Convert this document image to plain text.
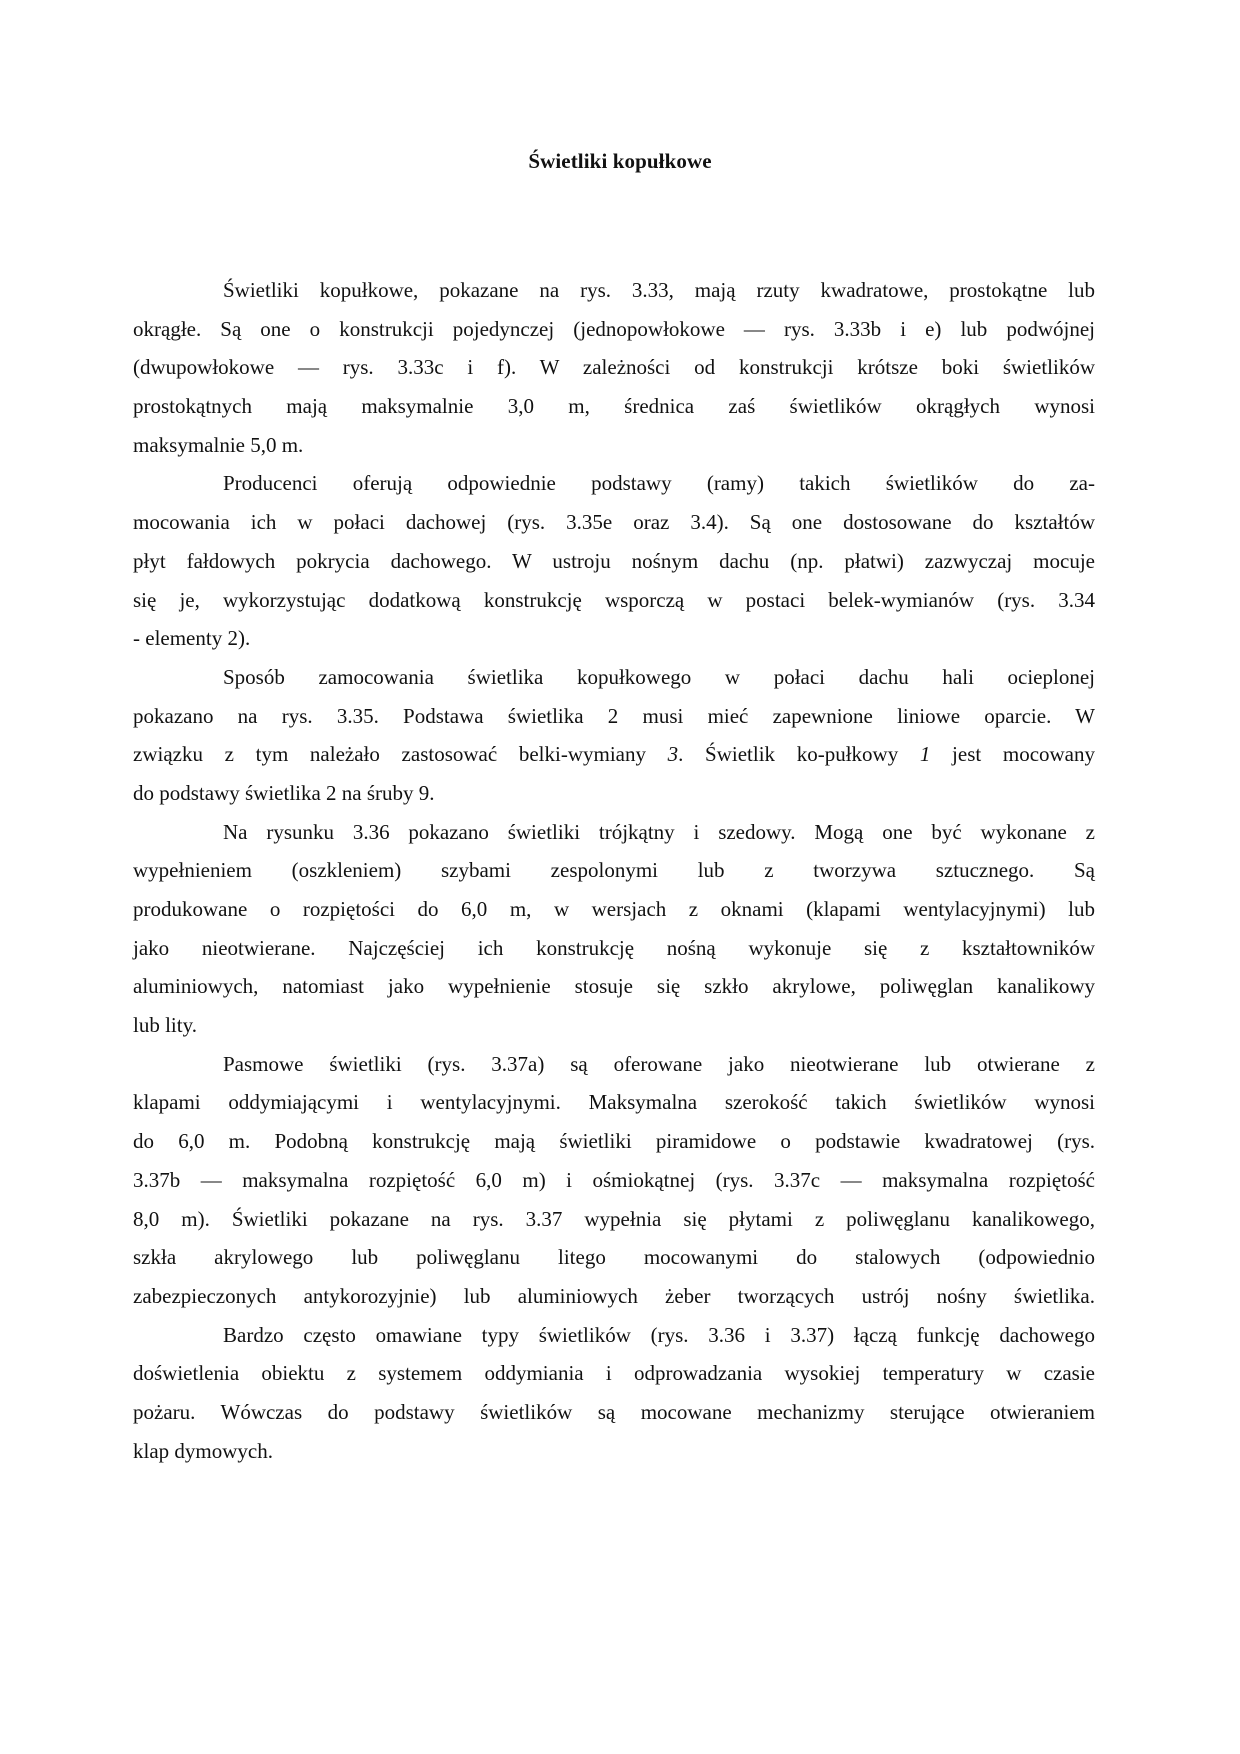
Świetliki kopułkowe
Świetliki kopułkowe, pokazane na rys. 3.33, mają rzuty kwadratowe, prostokątne lub
okrągłe. Są one o konstrukcji pojedynczej (jednopowłokowe — rys. 3.33b i e) lub podwójnej
(dwupowłokowe — rys. 3.33c i f). W zależności od konstrukcji krótsze boki świetlików
prostokątnych mają maksymalnie 3,0 m, średnica zaś świetlików okrągłych wynosi
maksymalnie 5,0 m.
Producenci oferują odpowiednie podstawy (ramy) takich świetlików do za-
mocowania ich w połaci dachowej (rys. 3.35e oraz 3.4). Są one dostosowane do kształtów
płyt fałdowych pokrycia dachowego. W ustroju nośnym dachu (np. płatwi) zazwyczaj mocuje
się je, wykorzystując dodatkową konstrukcję wsporczą w postaci belek-wymianów (rys. 3.34
- elementy 2).
Sposób zamocowania świetlika kopułkowego w połaci dachu hali ocieplonej
pokazano na rys. 3.35. Podstawa świetlika 2 musi mieć zapewnione liniowe oparcie. W
związku z tym należało zastosować belki-wymiany 3. Świetlik ko-pułkowy 1 jest mocowany
do podstawy świetlika 2 na śruby 9.
Na rysunku 3.36 pokazano świetliki trójkątny i szedowy. Mogą one być wykonane z
wypełnieniem (oszkleniem) szybami zespolonymi lub z tworzywa sztucznego. Są
produkowane o rozpiętości do 6,0 m, w wersjach z oknami (klapami wentylacyjnymi) lub
jako nieotwierane. Najczęściej ich konstrukcję nośną wykonuje się z kształtowników
aluminiowych, natomiast jako wypełnienie stosuje się szkło akrylowe, poliwęglan kanalikowy
lub lity.
Pasmowe świetliki (rys. 3.37a) są oferowane jako nieotwierane lub otwierane z
klapami oddymiającymi i wentylacyjnymi. Maksymalna szerokość takich świetlików wynosi
do 6,0 m. Podobną konstrukcję mają świetliki piramidowe o podstawie kwadratowej (rys.
3.37b — maksymalna rozpiętość 6,0 m) i ośmiokątnej (rys. 3.37c — maksymalna rozpiętość
8,0 m). Świetliki pokazane na rys. 3.37 wypełnia się płytami z poliwęglanu kanalikowego,
szkła akrylowego lub poliwęglanu litego mocowanymi do stalowych (odpowiednio
zabezpieczonych antykorozyjnie) lub aluminiowych żeber tworzących ustrój nośny świetlika.
Bardzo często omawiane typy świetlików (rys. 3.36 i 3.37) łączą funkcję dachowego
doświetlenia obiektu z systemem oddymiania i odprowadzania wysokiej temperatury w czasie
pożaru. Wówczas do podstawy świetlików są mocowane mechanizmy sterujące otwieraniem
klap dymowych.
